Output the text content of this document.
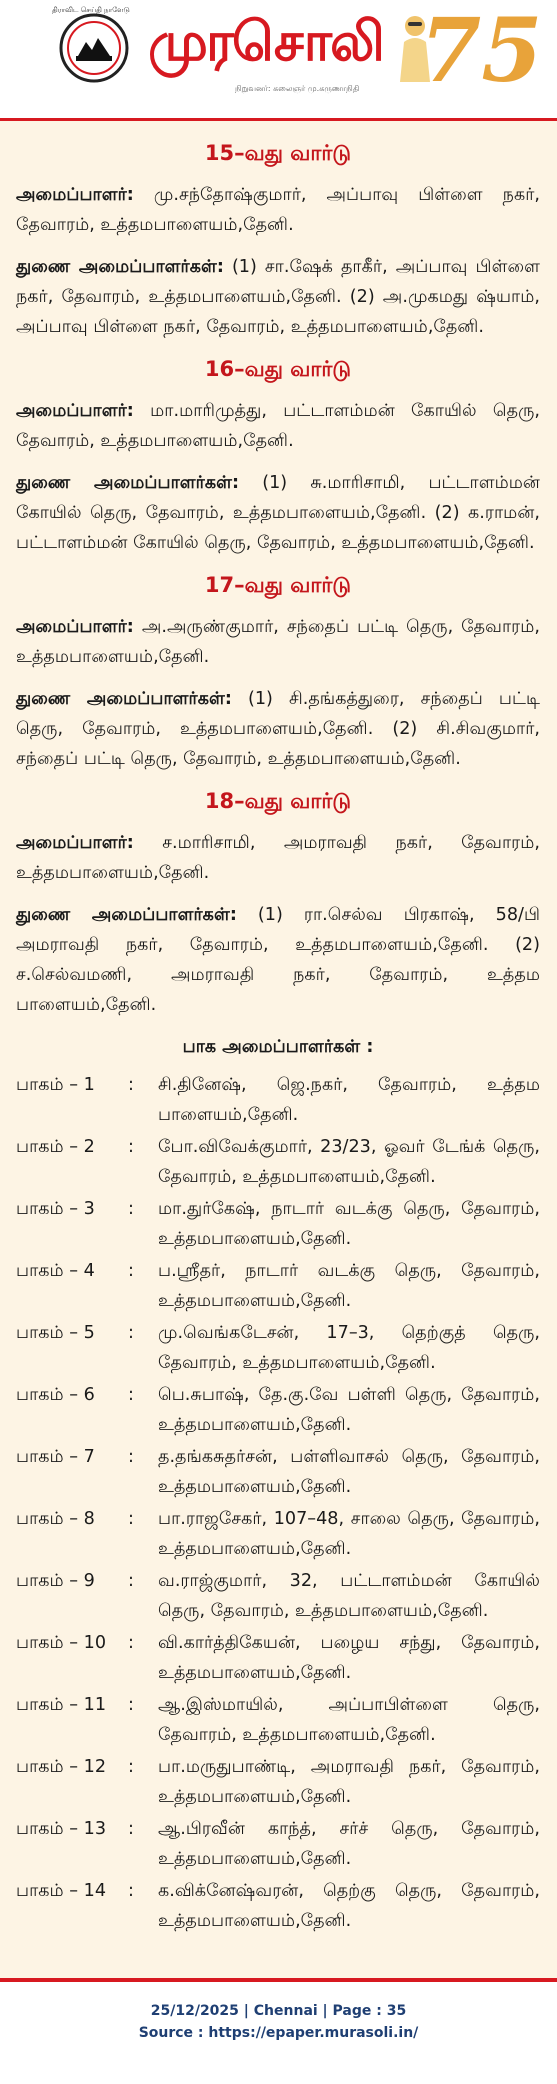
திராவிட செய்தி நாளேடு முரசொலி
நிறுவனர்: கலைஞர் மு.கருணாநிதி 75
15–வது வார்டு
அமைப்பாளர்: மு.சந்தோஷ்குமார், அப்பாவு பிள்ளை நகர், தேவாரம், உத்தமபாளையம்,தேனி.
துணை அமைப்பாளர்கள்: (1) சா.ஷேக் தாகீர், அப்பாவு பிள்ளை நகர், தேவாரம், உத்தமபாளையம்,தேனி. (2) அ.முகமது ஷ்யாம், அப்பாவு பிள்ளை நகர், தேவாரம், உத்தமபாளையம்,தேனி.
16–வது வார்டு
அமைப்பாளர்: மா.மாரிமுத்து, பட்டாளம்மன் கோயில் தெரு, தேவாரம், உத்தமபாளையம்,தேனி.
துணை அமைப்பாளர்கள்: (1) சு.மாரிசாமி, பட்டாளம்மன் கோயில் தெரு, தேவாரம், உத்தமபாளையம்,தேனி. (2) க.ராமன், பட்டாளம்மன் கோயில் தெரு, தேவாரம், உத்தமபாளையம்,தேனி.
17–வது வார்டு
அமைப்பாளர்: அ.அருண்குமார், சந்தைப் பட்டி தெரு, தேவாரம், உத்தமபாளையம்,தேனி.
துணை அமைப்பாளர்கள்: (1) சி.தங்கத்துரை, சந்தைப் பட்டி தெரு, தேவாரம், உத்தமபாளையம்,தேனி. (2) சி.சிவகுமார், சந்தைப் பட்டி தெரு, தேவாரம், உத்தமபாளையம்,தேனி.
18–வது வார்டு
அமைப்பாளர்: ச.மாரிசாமி, அமராவதி நகர், தேவாரம், உத்தமபாளையம்,தேனி.
துணை அமைப்பாளர்கள்: (1) ரா.செல்வ பிரகாஷ், 58/பி அமராவதி நகர், தேவாரம், உத்தமபாளையம்,தேனி. (2) ச.செல்வமணி, அமராவதி நகர், தேவாரம், உத்தம பாளையம்,தேனி.
பாக அமைப்பாளர்கள் :
பாகம் – 1	:	சி.தினேஷ், ஜெ.நகர், தேவாரம், உத்தம பாளையம்,தேனி.
பாகம் – 2	:	போ.விவேக்குமார், 23/23, ஓவர் டேங்க் தெரு, தேவாரம், உத்தமபாளையம்,தேனி.
பாகம் – 3	:	மா.துர்கேஷ், நாடார் வடக்கு தெரு, தேவாரம், உத்தமபாளையம்,தேனி.
பாகம் – 4	:	ப.ஸ்ரீதர், நாடார் வடக்கு தெரு, தேவாரம், உத்தமபாளையம்,தேனி.
பாகம் – 5	:	மு.வெங்கடேசன், 17–3, தெற்குத் தெரு, தேவாரம், உத்தமபாளையம்,தேனி.
பாகம் – 6	:	பெ.சுபாஷ், தே.கு.வே பள்ளி தெரு, தேவாரம், உத்தமபாளையம்,தேனி.
பாகம் – 7	:	த.தங்கசுதர்சன், பள்ளிவாசல் தெரு, தேவாரம், உத்தமபாளையம்,தேனி.
பாகம் – 8	:	பா.ராஜசேகர், 107–48, சாலை தெரு, தேவாரம், உத்தமபாளையம்,தேனி.
பாகம் – 9	:	வ.ராஜ்குமார், 32, பட்டாளம்மன் கோயில் தெரு, தேவாரம், உத்தமபாளையம்,தேனி.
பாகம் – 10	:	வி.கார்த்திகேயன், பழைய சந்து, தேவாரம், உத்தமபாளையம்,தேனி.
பாகம் – 11	:	ஆ.இஸ்மாயில், அப்பாபிள்ளை தெரு, தேவாரம், உத்தமபாளையம்,தேனி.
பாகம் – 12	:	பா.மருதுபாண்டி, அமராவதி நகர், தேவாரம், உத்தமபாளையம்,தேனி.
பாகம் – 13	:	ஆ.பிரவீன் காந்த், சர்ச் தெரு, தேவாரம், உத்தமபாளையம்,தேனி.
பாகம் – 14	:	க.விக்னேஷ்வரன், தெற்கு தெரு, தேவாரம், உத்தமபாளையம்,தேனி.
25/12/2025 | Chennai | Page : 35
Source : https://epaper.murasoli.in/
